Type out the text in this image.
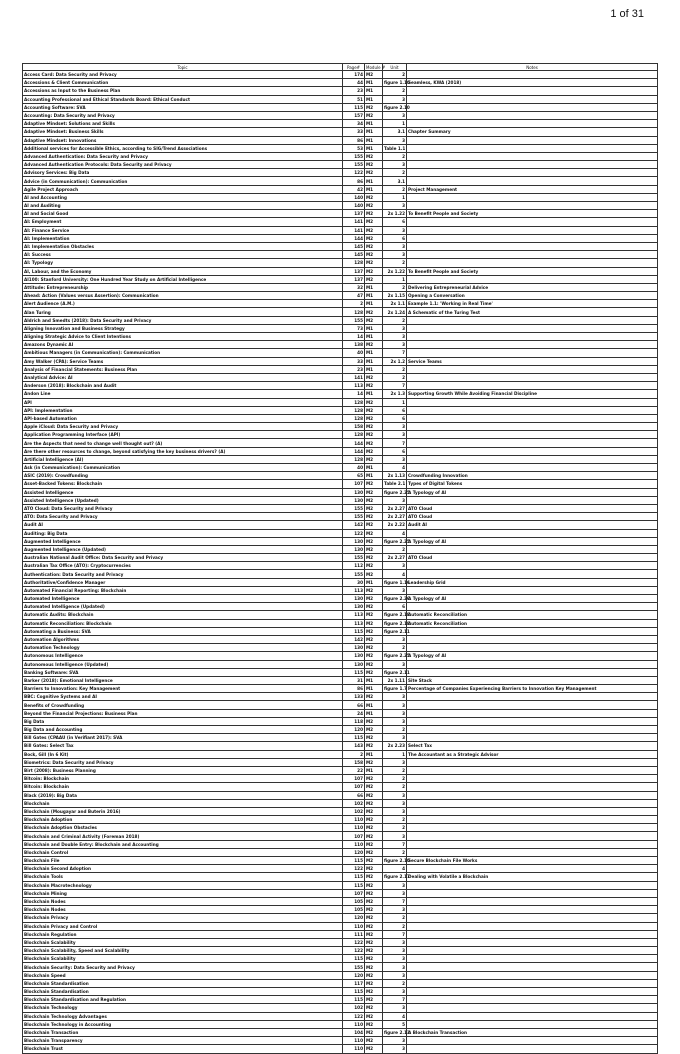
1 of 31
Topic	Page#	Module #	Unit	Notes
Access Card: Data Security and Privacy	174	M2	2	
Accessions & Client Communication	44	M1	figure 1.10	Seamless, KWA (2018)
Accessions as Input to the Business Plan	23	M1	2	
Accounting Professional and Ethical Standards Board: Ethical Conduct	51	M1	3	
Accounting Software: SVA	115	M2	figure 2.10	
Accounting: Data Security and Privacy	157	M2	3	
Adaptive Mindset: Solutions and Skills	34	M1	1	
Adaptive Mindset: Business Skills	33	M1	3.1	Chapter Summary
Adaptive Mindset: Innovations	86	M1	3	
Additional services for Accessible Ethics, according to SIG/Trend Associations	53	M1	Table 1.1	
Advanced Authentication: Data Security and Privacy	155	M2	2	
Advanced Authentication Protocols: Data Security and Privacy	155	M2	3	
Advisory Services: Big Data	122	M2	2	
Advice (in Communication): Communication	86	M1	3.1	
Agile Project Approach	42	M1	2	Project Management
AI and Accounting	140	M2	1	
AI and Auditing	140	M2	3	
AI and Social Good	137	M2	2x 1.22	To Benefit People and Society
AI: Employment	141	M2	6	
AI: Finance Service	141	M2	3	
AI: Implementation	144	M2	6	
AI: Implementation Obstacles	145	M2	3	
AI: Success	145	M2	3	
AI: Typology	128	M2	2	
AI, Labour, and the Economy	137	M2	2x 1.22	To Benefit People and Society
AI100: Stanford University: One Hundred Year Study on Artificial Intelligence	137	M2	1	
Attitude: Entrepreneurship	32	M1	2	Delivering Entrepreneurial Advice
Ahead: Action (Values versus Assertion): Communication	47	M1	2x 1.15	Opening a Conversation
Alert Audience (A.M.)	2	M1	2x 1.1	Example 1.1: 'Working in Real Time'
Alan Turing	128	M2	2x 1.24	A Schematic of the Turing Test
Aldrich and Smedts (2018): Data Security and Privacy	155	M2	2	
Aligning Innovation and Business Strategy	73	M1	3	
Aligning Strategic Advice to Client Intentions	14	M1	3	
Amazons Dynamic AI	138	M2	3	
Ambitious Managers (in Communication): Communication	40	M1	7	
Amy Walker (CPA): Service Teams	33	M1	2x 1.2	Service Teams
Analysis of Financial Statements: Business Plan	23	M1	2	
Analytical Advice: AI	141	M2	2	
Anderson (2018): Blockchain and Audit	113	M2	7	
Andon Line	14	M1	2x 1.3	Supporting Growth While Avoiding Financial Discipline
API	128	M2	1	
API: Implementation	128	M2	6	
API-based Automation	128	M2	6	
Apple iCloud: Data Security and Privacy	158	M2	3	
Application Programming Interface (API)	128	M2	3	
Are the Aspects that need to change well thought out? (A)	144	M2	7	
Are there other resources to change, beyond satisfying the key business drivers? (A)	144	M2	6	
Artificial Intelligence (AI)	128	M2	3	
Ask (in Communication): Communication	40	M1	4	
ASIC (2019): Crowdfunding	65	M1	2x 1.13	Crowdfunding Innovation
Asset-Backed Tokens: Blockchain	107	M2	Table 2.1	Types of Digital Tokens
Assisted Intelligence	130	M2	figure 2.25	A Typology of AI
Assisted Intelligence (Updated)	130	M2	3	
ATO Cloud: Data Security and Privacy	155	M2	2x 2.27	ATO Cloud
ATO: Data Security and Privacy	155	M2	2x 2.27	ATO Cloud
Audit AI	142	M2	2x 2.22	Audit AI
Auditing: Big Data	122	M2	4	
Augmented Intelligence	130	M2	figure 2.25	A Typology of AI
Augmented Intelligence (Updated)	130	M2	2	
Australian National Audit Office: Data Security and Privacy	155	M2	2x 2.27	ATO Cloud
Australian Tax Office (ATO): Cryptocurrencies	112	M2	3	
Authentication: Data Security and Privacy	155	M2	4	
Authoritative/Confidence Manager	30	M1	figure 1.16	Leadership Grid
Automated Financial Reporting: Blockchain	113	M2	3	
Automated Intelligence	130	M2	figure 2.26	A Typology of AI
Automated Intelligence (Updated)	130	M2	6	
Automatic Audits: Blockchain	113	M2	figure 2.18	Automatic Reconciliation
Automatic Reconciliation: Blockchain	113	M2	figure 2.18	Automatic Reconciliation
Automating a Business: SVA	115	M2	figure 2.11	
Automation Algorithms	142	M2	3	
Automation Technology	130	M2	2	
Autonomous Intelligence	130	M2	figure 2.25	A Typology of AI
Autonomous Intelligence (Updated)	130	M2	3	
Banking Software: SVA	115	M2	figure 2.11	
Barker (2018): Emotional Intelligence	31	M1	2x 1.11	Site Stack
Barriers to Innovation: Key Management	86	M1	figure 1.7	Percentage of Companies Experiencing Barriers to Innovation Key Management
BBC: Cognitive Systems and AI	133	M2	3	
Benefits of Crowdfunding	66	M1	3	
Beyond the Financial Projections: Business Plan	24	M1	3	
Big Data	118	M2	3	
Big Data and Accounting	120	M2	2	
Bill Gates (CPAAU (in Verifiant 2017): SVA	115	M2	3	
Bill Gates: Select Tax	143	M2	2x 2.23	Select Tax
Bock, Gill (In 6 Kit)	2	M1	1	The Accountant as a Strategic Advisor
Biometrics: Data Security and Privacy	158	M2	3	
Birt (2008): Business Planning	22	M1	2	
Bitcoin: Blockchain	107	M2	2	
Bitcoin: Blockchain	107	M2	2	
Black (2019): Big Data	66	M2	3	
Blockchain	102	M2	3	
Blockchain (Mougayar and Buterin 2016)	102	M2	3	
Blockchain Adoption	110	M2	2	
Blockchain Adoption Obstacles	110	M2	2	
Blockchain and Criminal Activity (Foreman 2018)	107	M2	3	
Blockchain and Double Entry: Blockchain and Accounting	110	M2	7	
Blockchain Control	120	M2	2	
Blockchain File	115	M2	figure 2.10	Secure Blockchain File Works
Blockchain Second Adoption	122	M2	4	
Blockchain Tools	115	M2	figure 2.17	Dealing with Volatile a Blockchain
Blockchain Macrotechnology	115	M2	3	
Blockchain Mining	107	M2	3	
Blockchain Nodes	105	M2	7	
Blockchain Nodes	105	M2	3	
Blockchain Privacy	120	M2	2	
Blockchain Privacy and Control	110	M2	2	
Blockchain Regulation	111	M2	7	
Blockchain Scalability	122	M2	3	
Blockchain Scalability, Speed and Scalability	122	M2	3	
Blockchain Scalability	115	M2	3	
Blockchain Security: Data Security and Privacy	155	M2	3	
Blockchain Speed	120	M2	3	
Blockchain Standardisation	117	M2	2	
Blockchain Standardisation	115	M2	3	
Blockchain Standardisation and Regulation	115	M2	7	
Blockchain Technology	102	M2	3	
Blockchain Technology Advantages	122	M2	4	
Blockchain Technology in Accounting	110	M2	5	
Blockchain Transaction	104	M2	figure 2.13	A Blockchain Transaction
Blockchain Transparency	110	M2	3	
Blockchain Trust	110	M2	3	
